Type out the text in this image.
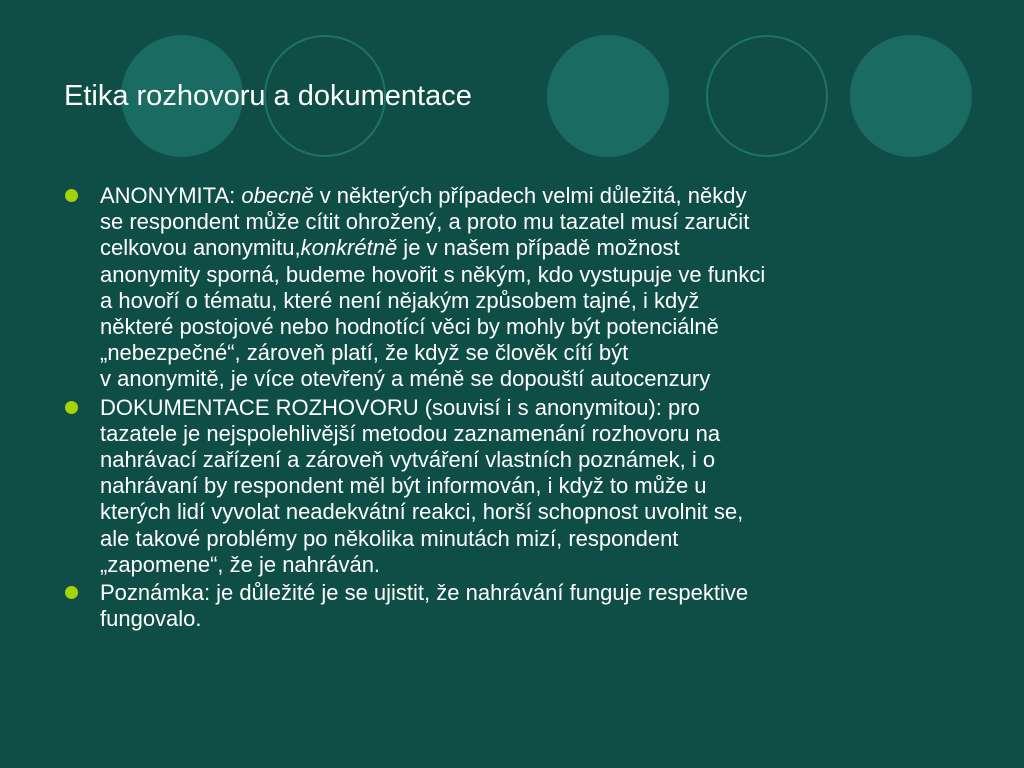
Etika rozhovoru a dokumentace
ANONYMITA: obecně v některých případech velmi důležitá, někdy
se respondent může cítit ohrožený, a proto mu tazatel musí zaručit
celkovou anonymitu,konkrétně je v našem případě možnost
anonymity sporná, budeme hovořit s někým, kdo vystupuje ve funkci
a hovoří o tématu, které není nějakým způsobem tajné, i když
některé postojové nebo hodnotící věci by mohly být potenciálně
„nebezpečné“, zároveň platí, že když se člověk cítí být
v anonymitě, je více otevřený a méně se dopouští autocenzury
DOKUMENTACE ROZHOVORU (souvisí i s anonymitou): pro
tazatele je nejspolehlivější metodou zaznamenání rozhovoru na
nahrávací zařízení a zároveň vytváření vlastních poznámek, i o
nahrávaní by respondent měl být informován, i když to může u
kterých lidí vyvolat neadekvátní reakci, horší schopnost uvolnit se,
ale takové problémy po několika minutách mizí, respondent
„zapomene“, že je nahráván.
Poznámka: je důležité je se ujistit, že nahrávání funguje respektive
fungovalo.
